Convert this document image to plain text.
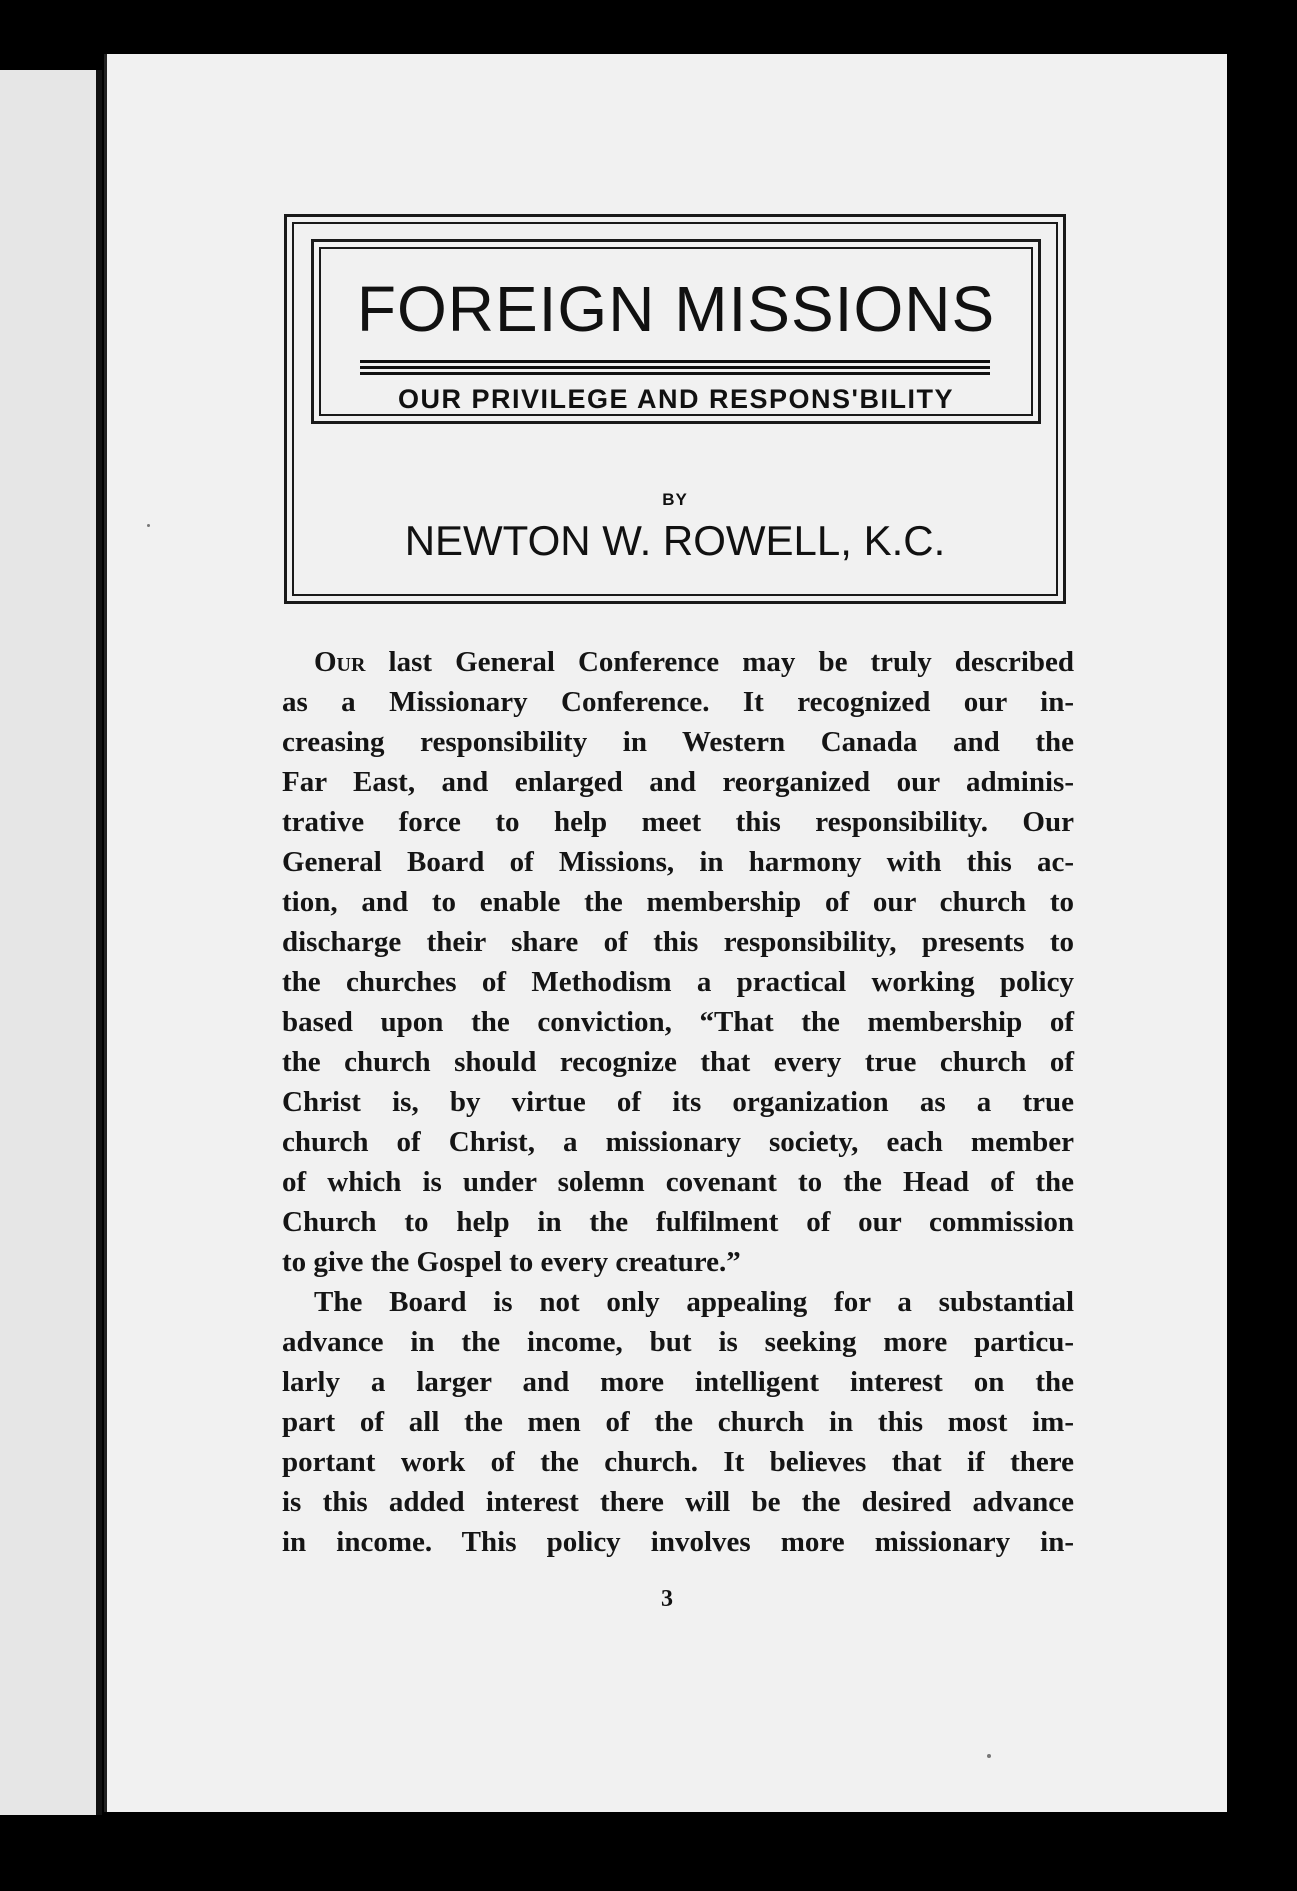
FOREIGN MISSIONS
OUR PRIVILEGE AND RESPONS'BILITY
BY
NEWTON W. ROWELL, K.C.
Our last General Conference may be truly described
as a Missionary Conference. It recognized our in-
creasing responsibility in Western Canada and the
Far East, and enlarged and reorganized our adminis-
trative force to help meet this responsibility. Our
General Board of Missions, in harmony with this ac-
tion, and to enable the membership of our church to
discharge their share of this responsibility, presents to
the churches of Methodism a practical working policy
based upon the conviction, “That the membership of
the church should recognize that every true church of
Christ is, by virtue of its organization as a true
church of Christ, a missionary society, each member
of which is under solemn covenant to the Head of the
Church to help in the fulfilment of our commission
to give the Gospel to every creature.”
The Board is not only appealing for a substantial
advance in the income, but is seeking more particu-
larly a larger and more intelligent interest on the
part of all the men of the church in this most im-
portant work of the church. It believes that if there
is this added interest there will be the desired advance
in income. This policy involves more missionary in-
3
